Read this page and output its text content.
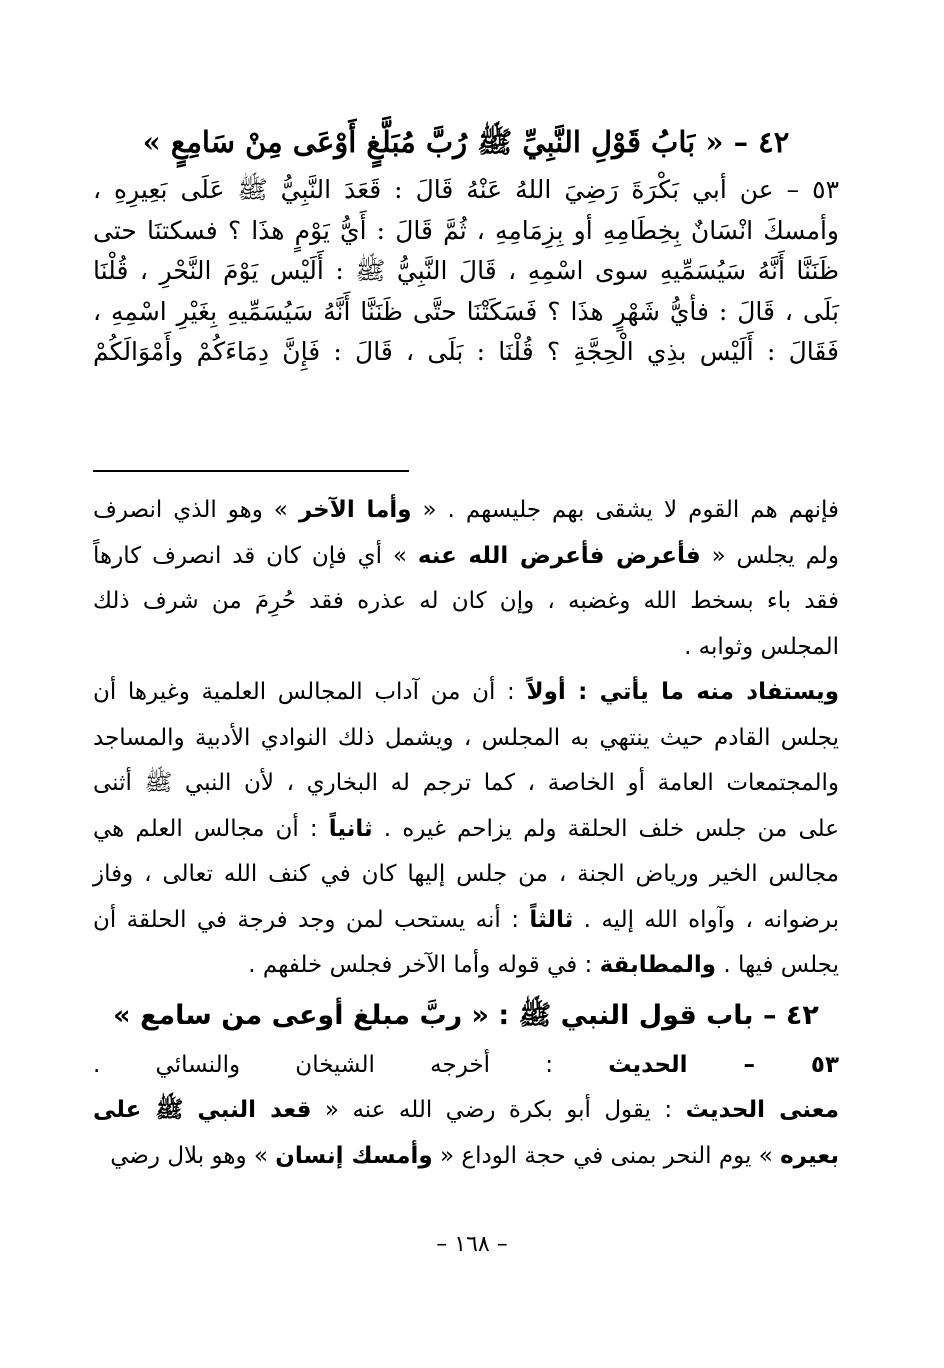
٤٢ – « بَابُ قَوْلِ النَّبِيِّ ﷺ رُبَّ مُبَلَّغٍ أَوْعَى مِنْ سَامِعٍ »
٥٣ – عن أبي بَكْرَةَ رَضِيَ اللهُ عَنْهُ قَالَ : قَعَدَ النَّبِيُّ ﷺ عَلَى بَعِيرِهِ ،
وأمسكَ انْسَانٌ بِخِطَامِهِ أو بِزِمَامِهِ ، ثُمَّ قَالَ : أَيُّ يَوْمٍ هذَا ؟ فسكتنَا حتى
ظَنَنَّا أَنَّهُ سَيُسَمِّيهِ سوى اسْمِهِ ، قَالَ النَّبِيُّ ﷺ : أَلَيْس يَوْمَ النَّحْرِ ، قُلْنَا
بَلَى ، قَالَ : فأيُّ شَهْرٍ هذَا ؟ فَسَكَتْنَا حتَّى ظَنَنَّا أَنَّهُ سَيُسَمِّيهِ بِغَيْرِ اسْمِهِ ،
فَقَالَ : أَلَيْس بذِي الْحِجَّةِ ؟ قُلْنَا : بَلَى ، قَالَ : فَإِنَّ دِمَاءَكُمْ وأَمْوَالَكُمْ
فإنهم هم القوم لا يشقى بهم جليسهم . « وأما الآخر » وهو الذي انصرف
ولم يجلس « فأعرض فأعرض الله عنه » أي فإن كان قد انصرف كارهاً
فقد باء بسخط الله وغضبه ، وإن كان له عذره فقد حُرِمَ من شرف ذلك
المجلس وثوابه .
ويستفاد منه ما يأتي : أولاً : أن من آداب المجالس العلمية وغيرها أن
يجلس القادم حيث ينتهي به المجلس ، ويشمل ذلك النوادي الأدبية والمساجد
والمجتمعات العامة أو الخاصة ، كما ترجم له البخاري ، لأن النبي ﷺ أثنى
على من جلس خلف الحلقة ولم يزاحم غيره . ثانياً : أن مجالس العلم هي
مجالس الخير ورياض الجنة ، من جلس إليها كان في كنف الله تعالى ، وفاز
برضوانه ، وآواه الله إليه . ثالثاً : أنه يستحب لمن وجد فرجة في الحلقة أن
يجلس فيها . والمطابقة : في قوله وأما الآخر فجلس خلفهم .
٤٢ – باب قول النبي ﷺ : « ربَّ مبلغ أوعى من سامع »
٥٣ – الحديث : أخرجه الشيخان والنسائي .
معنى الحديث : يقول أبو بكرة رضي الله عنه « قعد النبي ﷺ على
بعيره » يوم النحر بمنى في حجة الوداع « وأمسك إنسان » وهو بلال رضي
– ١٦٨ –
